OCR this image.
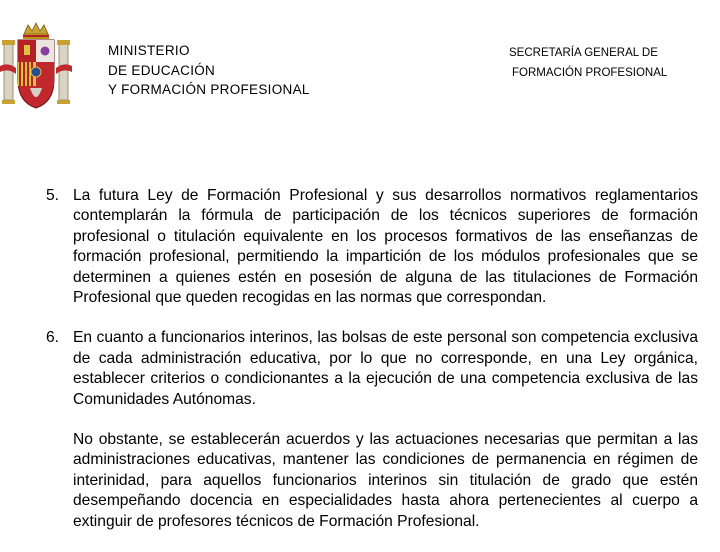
MINISTERIO
DE EDUCACIÓN
Y FORMACIÓN PROFESIONAL
SECRETARÍA GENERAL DE
FORMACIÓN PROFESIONAL
5. La futura Ley de Formación Profesional y sus desarrollos normativos reglamentarios contemplarán la fórmula de participación de los técnicos superiores de formación profesional o titulación equivalente en los procesos formativos de las enseñanzas de formación profesional, permitiendo la impartición de los módulos profesionales que se determinen a quienes estén en posesión de alguna de las titulaciones de Formación Profesional que queden recogidas en las normas que correspondan.

6. En cuanto a funcionarios interinos, las bolsas de este personal son competencia exclusiva de cada administración educativa, por lo que no corresponde, en una Ley orgánica, establecer criterios o condicionantes a la ejecución de una competencia exclusiva de las Comunidades Autónomas.

No obstante, se establecerán acuerdos y las actuaciones necesarias que permitan a las administraciones educativas, mantener las condiciones de permanencia en régimen de interinidad, para aquellos funcionarios interinos sin titulación de grado que estén desempeñando docencia en especialidades hasta ahora pertenecientes al cuerpo a extinguir de profesores técnicos de Formación Profesional.
